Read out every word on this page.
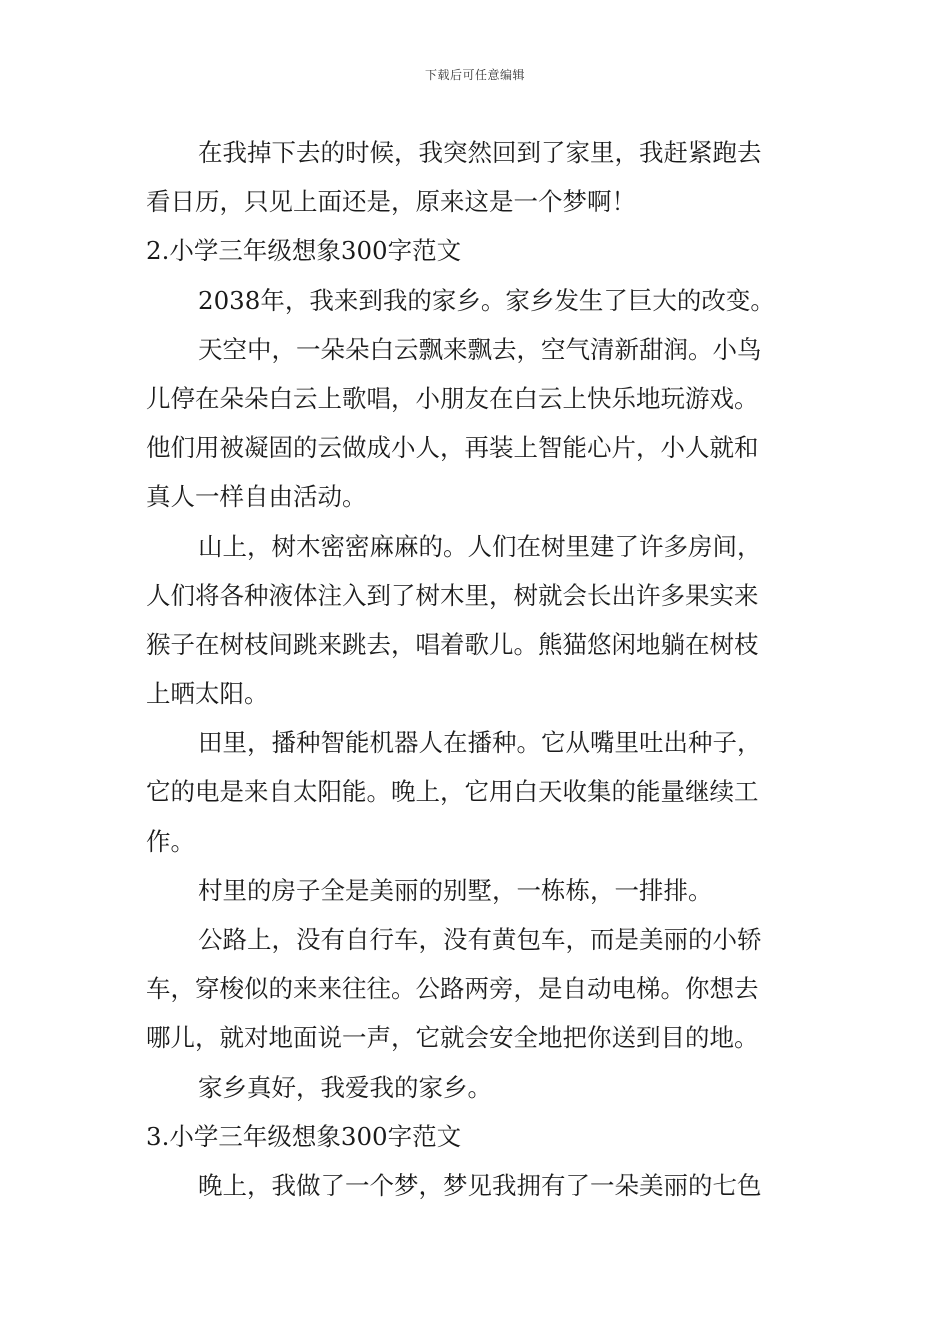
下载后可任意编辑
在我掉下去的时候，我突然回到了家里，我赶紧跑去
看日历，只见上面还是，原来这是一个梦啊！
2.小学三年级想象300字范文
2038年，我来到我的家乡。家乡发生了巨大的改变。
天空中，一朵朵白云飘来飘去，空气清新甜润。小鸟
儿停在朵朵白云上歌唱，小朋友在白云上快乐地玩游戏。
他们用被凝固的云做成小人，再装上智能心片，小人就和
真人一样自由活动。
山上，树木密密麻麻的。人们在树里建了许多房间，
人们将各种液体注入到了树木里，树就会长出许多果实来
猴子在树枝间跳来跳去，唱着歌儿。熊猫悠闲地躺在树枝
上晒太阳。
田里，播种智能机器人在播种。它从嘴里吐出种子，
它的电是来自太阳能。晚上，它用白天收集的能量继续工
作。
村里的房子全是美丽的别墅，一栋栋，一排排。
公路上，没有自行车，没有黄包车，而是美丽的小轿
车，穿梭似的来来往往。公路两旁，是自动电梯。你想去
哪儿，就对地面说一声，它就会安全地把你送到目的地。
家乡真好，我爱我的家乡。
3.小学三年级想象300字范文
晚上，我做了一个梦，梦见我拥有了一朵美丽的七色
